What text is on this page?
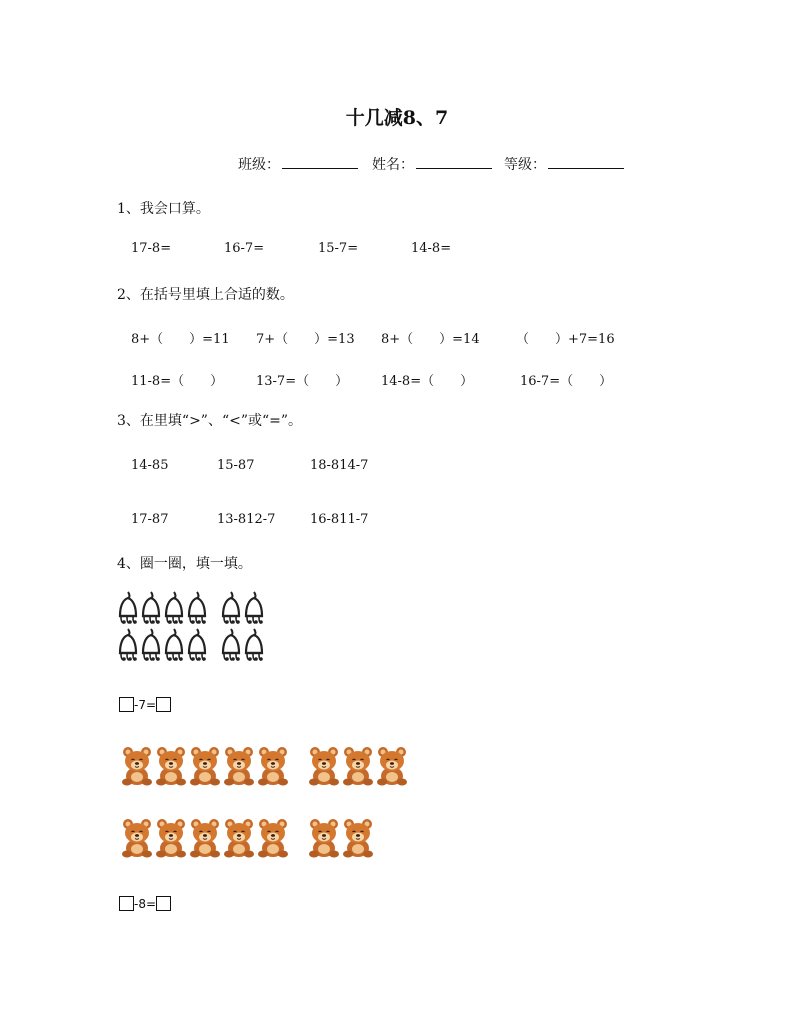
十几减8、7
班级：	姓名：	等级：
1、我会口算。
17-8=	16-7=	15-7=	14-8=
2、在括号里填上合适的数。
8+（　　）=11 7+（　　）=13 8+（　　）=14	（　　）+7=16
11-8=（　　）	13-7=（　　）	14-8=（　　）	16-7=（　　）
3、在里填“>”、“<”或“=”。
14-85	15-87	18-814-7
17-87	13-812-7	16-811-7
4、圈一圈，填一填。
-7=
-8=
